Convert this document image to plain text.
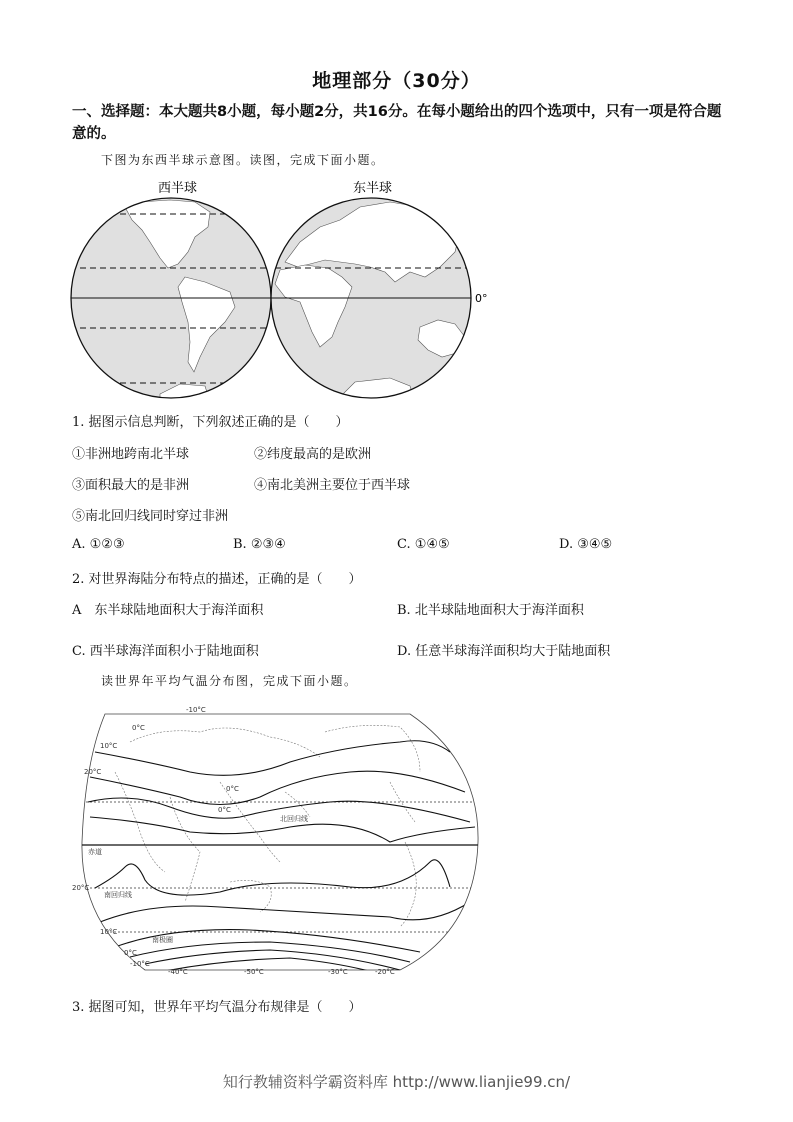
地理部分（30分）
一、选择题：本大题共8小题，每小题2分，共16分。在每小题给出的四个选项中，只有一项是符合题意的。
下图为东西半球示意图。读图，完成下面小题。
西半球	东半球
0°
1. 据图示信息判断，下列叙述正确的是（　　）
①非洲地跨南北半球	②纬度最高的是欧洲
③面积最大的是非洲	④南北美洲主要位于西半球
⑤南北回归线同时穿过非洲
A. ①②③	B. ②③④	C. ①④⑤	D. ③④⑤
2. 对世界海陆分布特点的描述，正确的是（　　）
A　东半球陆地面积大于海洋面积	B. 北半球陆地面积大于海洋面积
C. 西半球海洋面积小于陆地面积	D. 任意半球海洋面积均大于陆地面积
读世界年平均气温分布图，完成下面小题。
-10°C
0°C
10°C
20°C
0°C
0°C
20°C
10°C
0°C
-10°C
-40°C	-50°C	-30°C	-20°C
北回归线
赤道
南回归线
南极圈
3. 据图可知，世界年平均气温分布规律是（　　）
知行教辅资料学霸资料库 http://www.lianjie99.cn/
